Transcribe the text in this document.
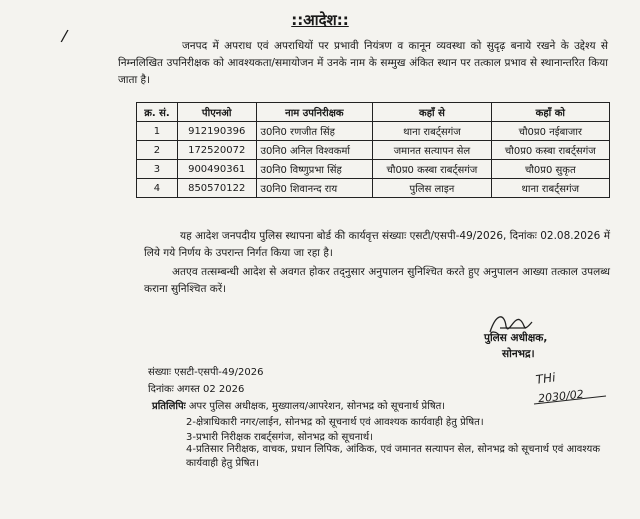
::आदेश::
/
जनपद में अपराध एवं अपराधियों पर प्रभावी नियंत्रण व कानून व्यवस्था को सुदृढ़ बनाये रखने के उद्देश्य से निम्नलिखित उपनिरीक्षक को आवश्यकता/समायोजन में उनके नाम के सम्मुख अंकित स्थान पर तत्काल प्रभाव से स्थानान्तरित किया जाता है।
क्र. सं.	पीएनओ	नाम उपनिरीक्षक	कहाँ से	कहाँ को
1	912190396	उ0नि0 रणजीत सिंह	थाना राबर्ट्सगंज	चौ0प्र0 नईबाजार
2	172520072	उ0नि0 अनिल विश्वकर्मा	जमानत सत्यापन सेल	चौ0प्र0 कस्बा राबर्ट्सगंज
3	900490361	उ0नि0 विष्णुप्रभा सिंह	चौ0प्र0 कस्बा राबर्ट्सगंज	चौ0प्र0 सुकृत
4	850570122	उ0नि0 शिवानन्द राय	पुलिस लाइन	थाना राबर्ट्सगंज
यह आदेश जनपदीय पुलिस स्थापना बोर्ड की कार्यवृत्त संख्याः एसटी/एसपी-49/2026, दिनांकः 02.08.2026 में लिये गये निर्णय के उपरान्त निर्गत किया जा रहा है।
अतएव तत्सम्बन्धी आदेश से अवगत होकर तद्नुसार अनुपालन सुनिश्चित करते हुए अनुपालन आख्या तत्काल उपलब्ध कराना सुनिश्चित करें।
पुलिस अधीक्षक,
सोनभद्र।
संख्याः एसटी-एसपी-49/2026
दिनांकः अगस्त 02 2026
THi
2030/02
प्रतिलिपिः अपर पुलिस अधीक्षक, मुख्यालय/आपरेशन, सोनभद्र को सूचनार्थ प्रेषित।
2-क्षेत्राधिकारी नगर/लाईन, सोनभद्र को सूचनार्थ एवं आवश्यक कार्यवाही हेतु प्रेषित।
3-प्रभारी निरीक्षक राबर्ट्सगंज, सोनभद्र को सूचनार्थ।
4-प्रतिसार निरीक्षक, वाचक, प्रधान लिपिक, आंकिक, एवं जमानत सत्यापन सेल, सोनभद्र को सूचनार्थ एवं आवश्यक कार्यवाही हेतु प्रेषित।
